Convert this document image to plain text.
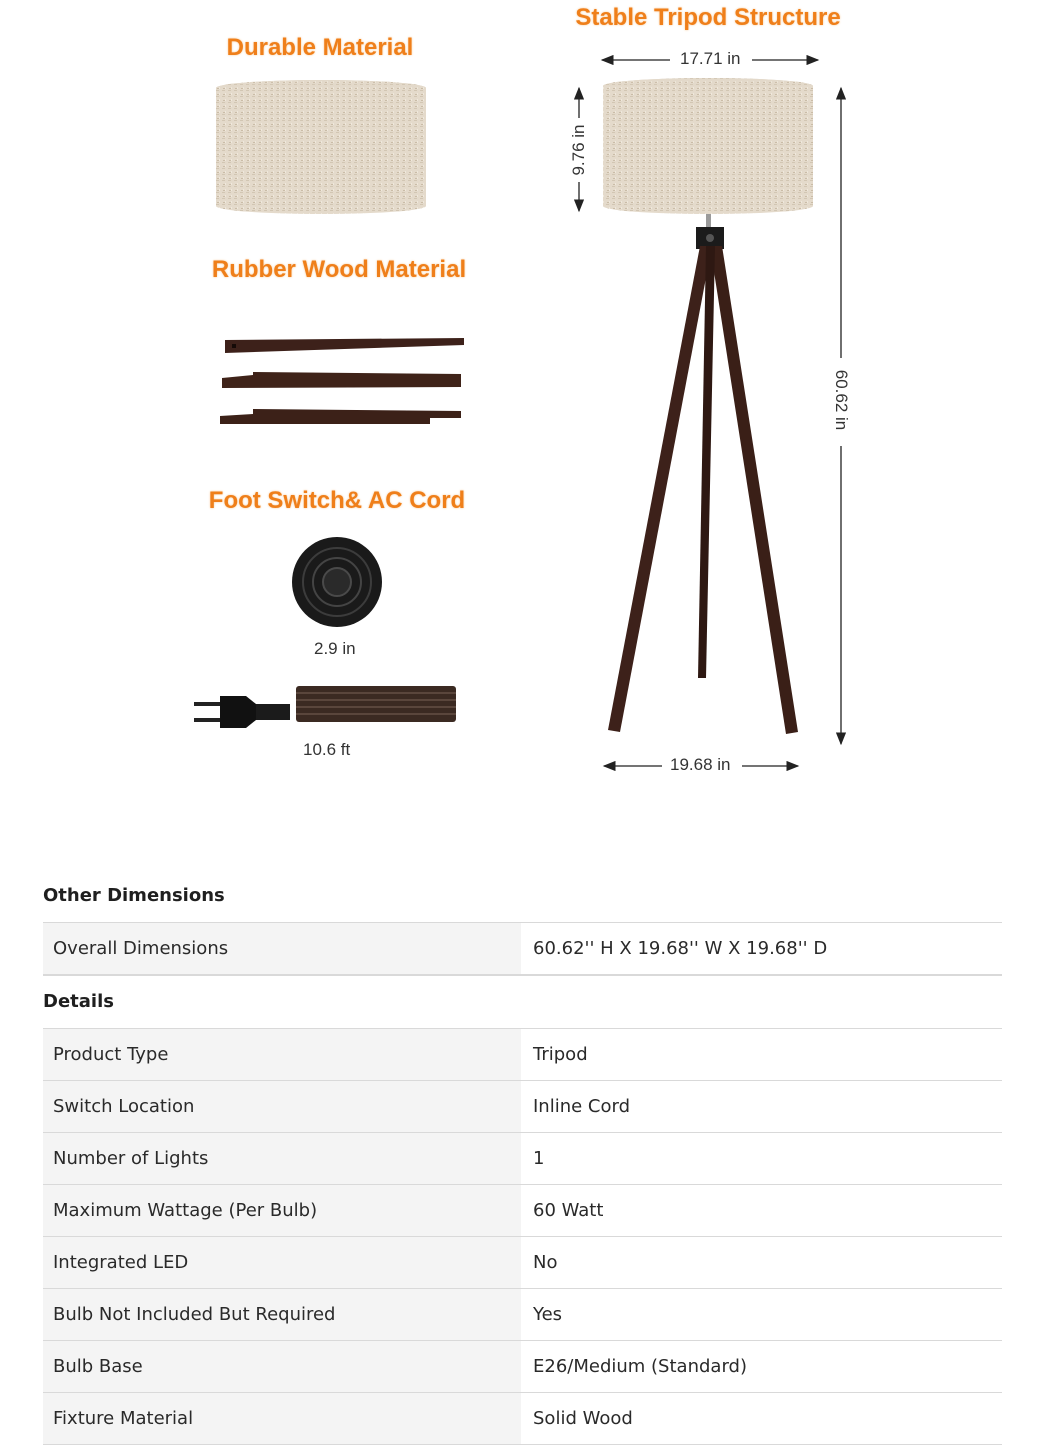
Durable Material
Rubber Wood Material
Foot Switch& AC Cord
Stable Tripod Structure
17.71 in
9.76 in
60.62 in
19.68 in
2.9 in
10.6 ft
Other Dimensions
Overall Dimensions	60.62'' H X 19.68'' W X 19.68'' D
Details
Product Type	Tripod
Switch Location	Inline Cord
Number of Lights	1
Maximum Wattage (Per Bulb)	60 Watt
Integrated LED	No
Bulb Not Included But Required	Yes
Bulb Base	E26/Medium (Standard)
Fixture Material	Solid Wood
